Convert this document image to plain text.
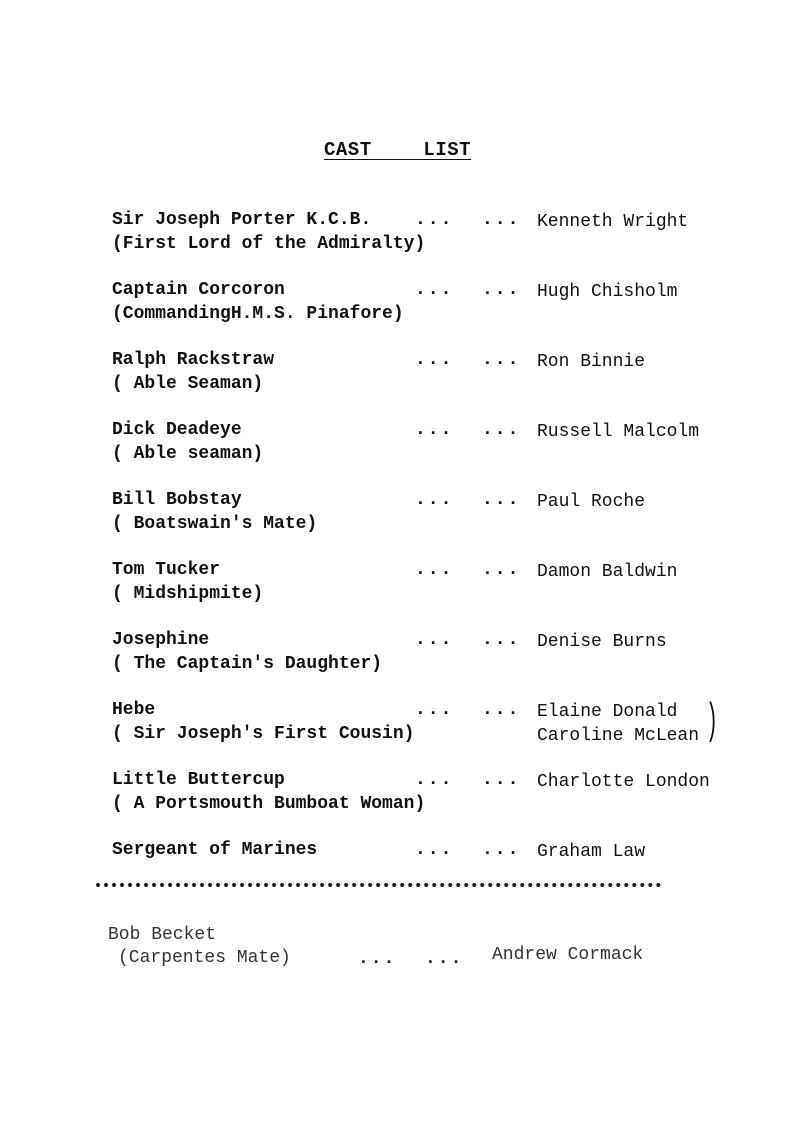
CAST  LIST
Sir Joseph Porter K.C.B.
(First Lord of the Admiralty)
... ... Kenneth Wright
Captain Corcoron
(CommandingH.M.S. Pinafore)
... ... Hugh Chisholm
Ralph Rackstraw
( Able Seaman)
... ... Ron Binnie
Dick Deadeye
( Able seaman)
... ... Russell Malcolm
Bill Bobstay
( Boatswain's Mate)
... ... Paul Roche
Tom Tucker
( Midshipmite)
... ... Damon Baldwin
Josephine
( The Captain's Daughter)
... ... Denise Burns
Hebe
( Sir Joseph's First Cousin)
... ... Elaine Donald
Caroline McLean )
Little Buttercup
( A Portsmouth Bumboat Woman)
... ... Charlotte London
Sergeant of Marines	... ... Graham Law
Bob Becket
(Carpentes Mate)	... ... Andrew Cormack
